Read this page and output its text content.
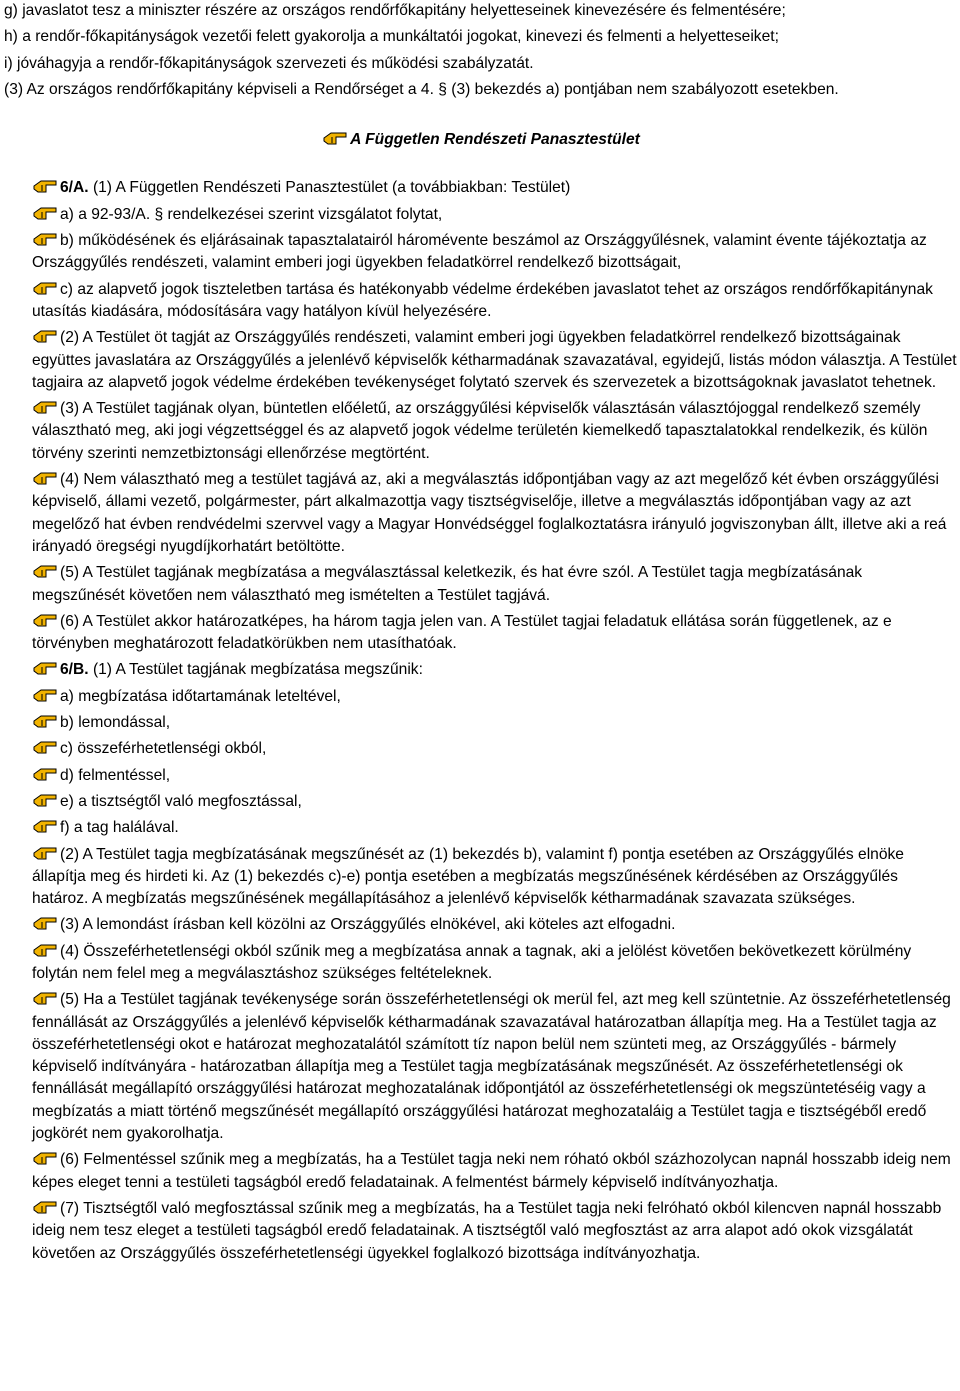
g) javaslatot tesz a miniszter részére az országos rendőrfőkapitány helyetteseinek kinevezésére és felmentésére;

h) a rendőr-főkapitányságok vezetői felett gyakorolja a munkáltatói jogokat, kinevezi és felmenti a helyetteseiket;

i) jóváhagyja a rendőr-főkapitányságok szervezeti és működési szabályzatát.

(3) Az országos rendőrfőkapitány képviseli a Rendőrséget a 4. § (3) bekezdés a) pontjában nem szabályozott esetekben.

A Független Rendészeti Panasztestület

6/A. (1) A Független Rendészeti Panasztestület (a továbbiakban: Testület)

a) a 92-93/A. § rendelkezései szerint vizsgálatot folytat,

b) működésének és eljárásainak tapasztalatairól háromévente beszámol az Országgyűlésnek, valamint évente tájékoztatja az Országgyűlés rendészeti, valamint emberi jogi ügyekben feladatkörrel rendelkező bizottságait,

c) az alapvető jogok tiszteletben tartása és hatékonyabb védelme érdekében javaslatot tehet az országos rendőrfőkapitánynak utasítás kiadására, módosítására vagy hatályon kívül helyezésére.

(2) A Testület öt tagját az Országgyűlés rendészeti, valamint emberi jogi ügyekben feladatkörrel rendelkező bizottságainak együttes javaslatára az Országgyűlés a jelenlévő képviselők kétharmadának szavazatával, egyidejű, listás módon választja. A Testület tagjaira az alapvető jogok védelme érdekében tevékenységet folytató szervek és szervezetek a bizottságoknak javaslatot tehetnek.

(3) A Testület tagjának olyan, büntetlen előéletű, az országgyűlési képviselők választásán választójoggal rendelkező személy választható meg, aki jogi végzettséggel és az alapvető jogok védelme területén kiemelkedő tapasztalatokkal rendelkezik, és külön törvény szerinti nemzetbiztonsági ellenőrzése megtörtént.

(4) Nem választható meg a testület tagjává az, aki a megválasztás időpontjában vagy az azt megelőző két évben országgyűlési képviselő, állami vezető, polgármester, párt alkalmazottja vagy tisztségviselője, illetve a megválasztás időpontjában vagy az azt megelőző hat évben rendvédelmi szervvel vagy a Magyar Honvédséggel foglalkoztatásra irányuló jogviszonyban állt, illetve aki a reá irányadó öregségi nyugdíjkorhatárt betöltötte.

(5) A Testület tagjának megbízatása a megválasztással keletkezik, és hat évre szól. A Testület tagja megbízatásának megszűnését követően nem választható meg ismételten a Testület tagjává.

(6) A Testület akkor határozatképes, ha három tagja jelen van. A Testület tagjai feladatuk ellátása során függetlenek, az e törvényben meghatározott feladatkörükben nem utasíthatóak.

6/B. (1) A Testület tagjának megbízatása megszűnik:

a) megbízatása időtartamának leteltével,

b) lemondással,

c) összeférhetetlenségi okból,

d) felmentéssel,

e) a tisztségtől való megfosztással,

f) a tag halálával.

(2) A Testület tagja megbízatásának megszűnését az (1) bekezdés b), valamint f) pontja esetében az Országgyűlés elnöke állapítja meg és hirdeti ki. Az (1) bekezdés c)-e) pontja esetében a megbízatás megszűnésének kérdésében az Országgyűlés határoz. A megbízatás megszűnésének megállapításához a jelenlévő képviselők kétharmadának szavazata szükséges.

(3) A lemondást írásban kell közölni az Országgyűlés elnökével, aki köteles azt elfogadni.

(4) Összeférhetetlenségi okból szűnik meg a megbízatása annak a tagnak, aki a jelölést követően bekövetkezett körülmény folytán nem felel meg a megválasztáshoz szükséges feltételeknek.

(5) Ha a Testület tagjának tevékenysége során összeférhetetlenségi ok merül fel, azt meg kell szüntetnie. Az összeférhetetlenség fennállását az Országgyűlés a jelenlévő képviselők kétharmadának szavazatával határozatban állapítja meg. Ha a Testület tagja az összeférhetetlenségi okot e határozat meghozatalától számított tíz napon belül nem szünteti meg, az Országgyűlés - bármely képviselő indítványára - határozatban állapítja meg a Testület tagja megbízatásának megszűnését. Az összeférhetetlenségi ok fennállását megállapító országgyűlési határozat meghozatalának időpontjától az összeférhetetlenségi ok megszüntetéséig vagy a megbízatás a miatt történő megszűnését megállapító országgyűlési határozat meghozataláig a Testület tagja e tisztségéből eredő jogkörét nem gyakorolhatja.

(6) Felmentéssel szűnik meg a megbízatás, ha a Testület tagja neki nem róható okból százhozolycan napnál hosszabb ideig nem képes eleget tenni a testületi tagságból eredő feladatainak. A felmentést bármely képviselő indítványozhatja.

(7) Tisztségtől való megfosztással szűnik meg a megbízatás, ha a Testület tagja neki felróható okból kilencven napnál hosszabb ideig nem tesz eleget a testületi tagságból eredő feladatainak. A tisztségtől való megfosztást az arra alapot adó okok vizsgálatát követően az Országgyűlés összeférhetetlenségi ügyekkel foglalkozó bizottsága indítványozhatja.
